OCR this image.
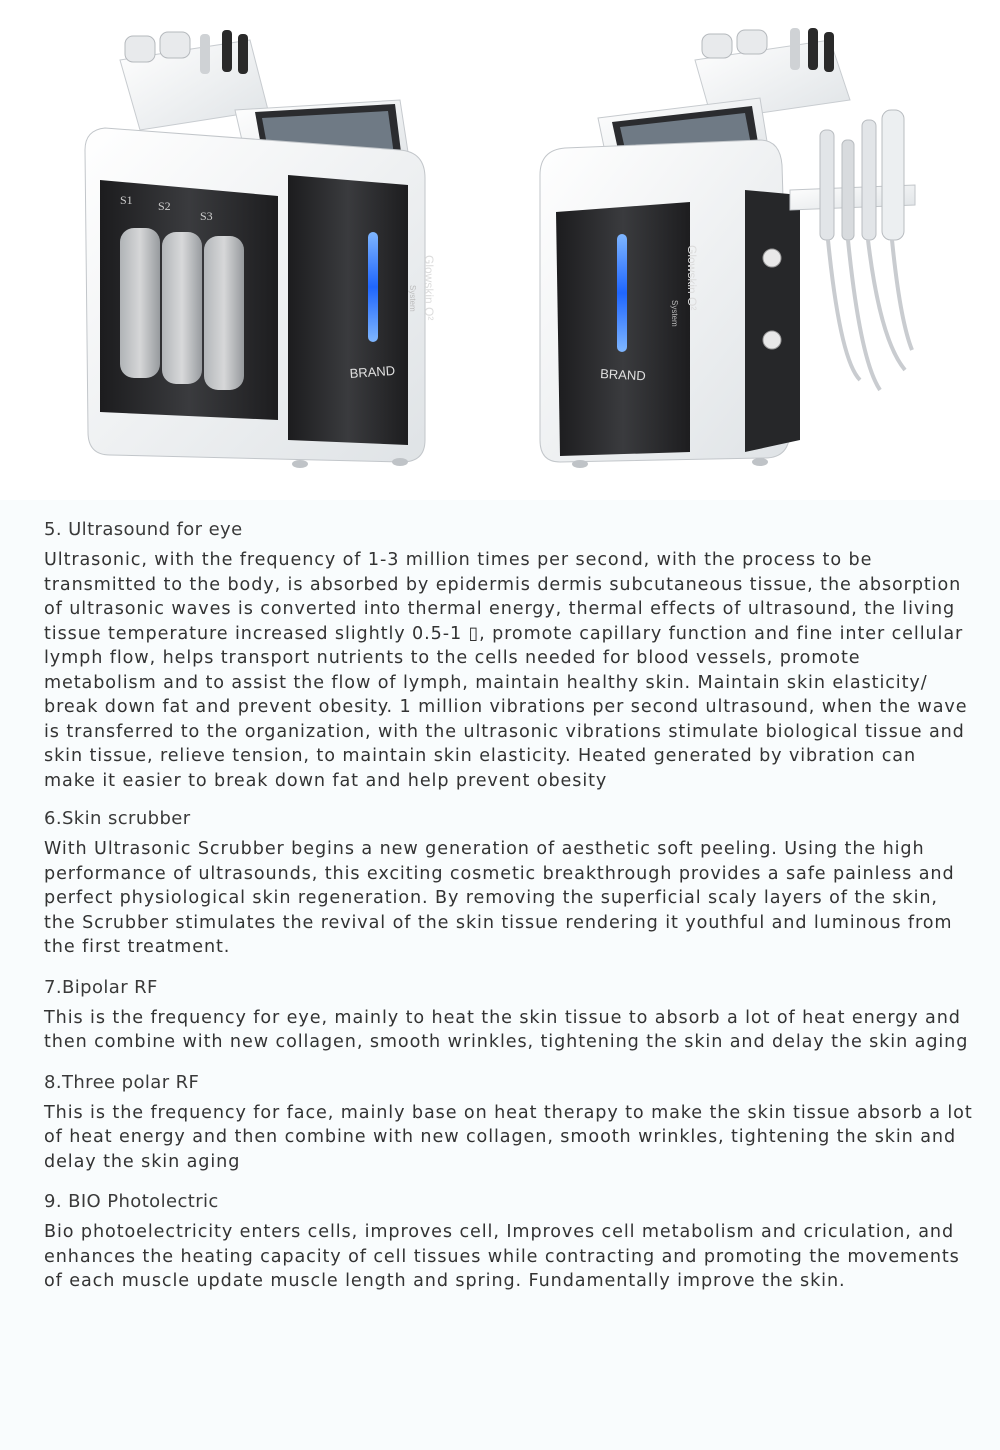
Glowskin O²
System
BRAND
S1 S2
S3
Glowskin O²
System
BRAND
5. Ultrasound for eye

Ultrasonic, with the frequency of 1-3 million times per second, with the process to be transmitted to the body, is absorbed by epidermis dermis subcutaneous tissue, the absorption of ultrasonic waves is converted into thermal energy, thermal effects of ultrasound, the living tissue temperature increased slightly 0.5-1 ▯, promote capillary function and fine inter cellular lymph flow, helps transport nutrients to the cells needed for blood vessels, promote metabolism and to assist the flow of lymph, maintain healthy skin. Maintain skin elasticity/ break down fat and prevent obesity. 1 million vibrations per second ultrasound, when the wave is transferred to the organization, with the ultrasonic vibrations stimulate biological tissue and skin tissue, relieve tension, to maintain skin elasticity. Heated generated by vibration can make it easier to break down fat and help prevent obesity

6.Skin scrubber

With Ultrasonic Scrubber begins a new generation of aesthetic soft peeling. Using the high performance of ultrasounds, this exciting cosmetic breakthrough provides a safe painless and perfect physiological skin regeneration. By removing the superficial scaly layers of the skin, the Scrubber stimulates the revival of the skin tissue rendering it youthful and luminous from the first treatment.

7.Bipolar RF

This is the frequency for eye, mainly to heat the skin tissue to absorb a lot of heat energy and then combine with new collagen, smooth wrinkles, tightening the skin and delay the skin aging

8.Three polar RF

This is the frequency for face, mainly base on heat therapy to make the skin tissue absorb a lot of heat energy and then combine with new collagen, smooth wrinkles, tightening the skin and delay the skin aging

9. BIO Photolectric

Bio photoelectricity enters cells, improves cell, Improves cell metabolism and criculation, and enhances the heating capacity of cell tissues while contracting and promoting the movements of each muscle update muscle length and spring. Fundamentally improve the skin.
